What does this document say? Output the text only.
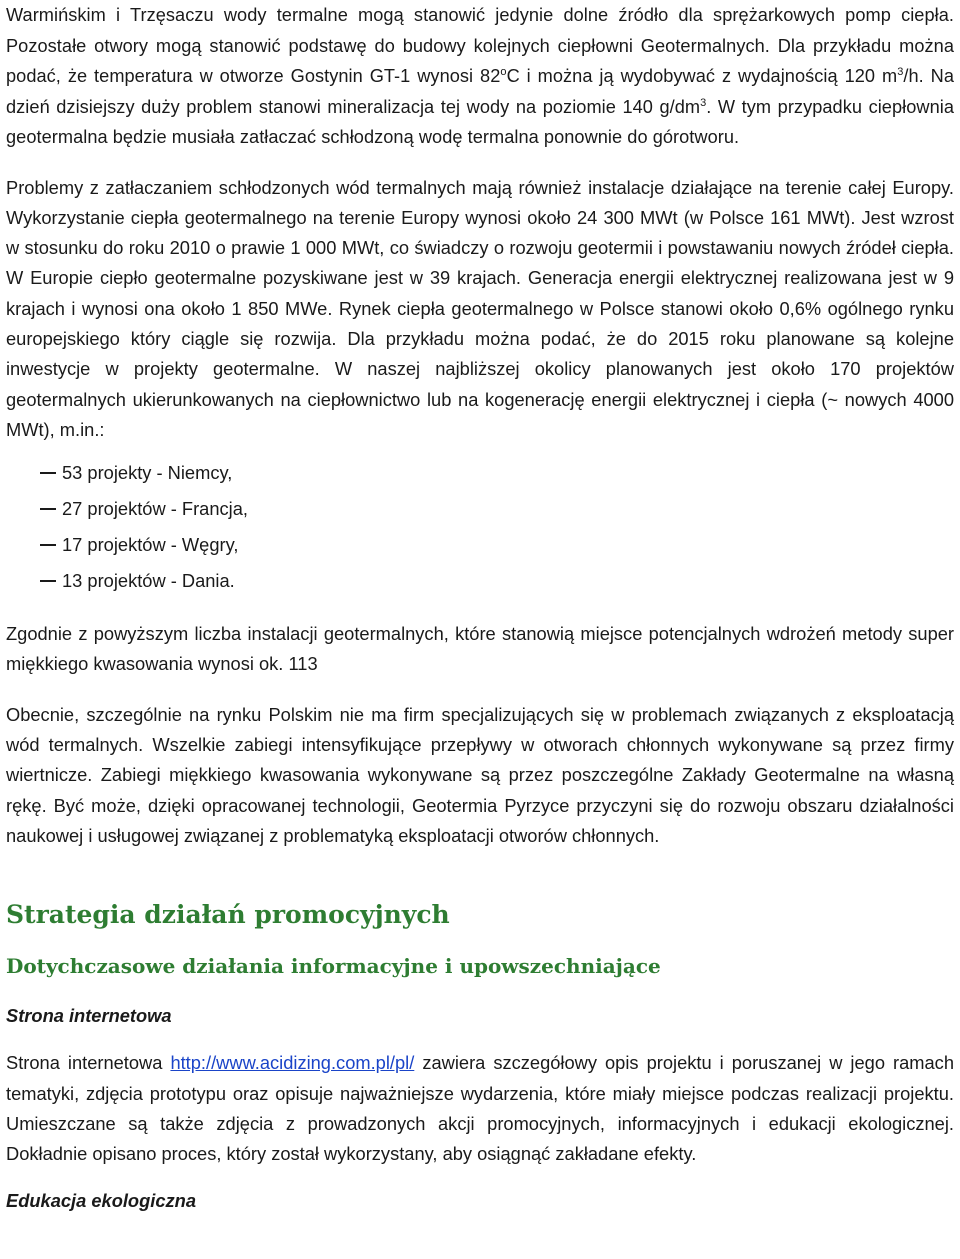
Warmińskim i Trzęsaczu wody termalne mogą stanowić jedynie dolne źródło dla sprężarkowych pomp ciepła. Pozostałe otwory mogą stanowić podstawę do budowy kolejnych ciepłowni Geotermalnych. Dla przykładu można podać, że temperatura w otworze Gostynin GT-1 wynosi 82$^o$C i można ją wydobywać z wydajnością 120 $m^3/h$. Na dzień dzisiejszy duży problem stanowi mineralizacja tej wody na poziomie 140 $g/dm^3$. W tym przypadku ciepłownia geotermalna będzie musiała zatłaczać schłodzoną wodę termalna ponownie do górotworu.

Problemy z zatłaczaniem schłodzonych wód termalnych mają również instalacje działające na terenie całej Europy. Wykorzystanie ciepła geotermalnego na terenie Europy wynosi około 24 300 MWt (w Polsce 161 MWt). Jest wzrost w stosunku do roku 2010 o prawie 1 000 MWt, co świadczy o rozwoju geotermii i powstawaniu nowych źródeł ciepła. W Europie ciepło geotermalne pozyskiwane jest w 39 krajach. Generacja energii elektrycznej realizowana jest w 9 krajach i wynosi ona około 1 850 MWe. Rynek ciepła geotermalnego w Polsce stanowi około 0,6% ogólnego rynku europejskiego który ciągle się rozwija. Dla przykładu można podać, że do 2015 roku planowane są kolejne inwestycje w projekty geotermalne. W naszej najbliższej okolicy planowanych jest około 170 projektów geotermalnych ukierunkowanych na ciepłownictwo lub na kogenerację energii elektrycznej i ciepła (~ nowych 4000 MWt), m.in.:

53 projekty - Niemcy,
27 projektów - Francja,
17 projektów - Węgry,
13 projektów - Dania.

Zgodnie z powyższym liczba instalacji geotermalnych, które stanowią miejsce potencjalnych wdrożeń metody super miękkiego kwasowania wynosi ok. 113

Obecnie, szczególnie na rynku Polskim nie ma firm specjalizujących się w problemach związanych z eksploatacją wód termalnych. Wszelkie zabiegi intensyfikujące przepływy w otworach chłonnych wykonywane są przez firmy wiertnicze. Zabiegi miękkiego kwasowania wykonywane są przez poszczególne Zakłady Geotermalne na własną rękę. Być może, dzięki opracowanej technologii, Geotermia Pyrzyce przyczyni się do rozwoju obszaru działalności naukowej i usługowej związanej z problematyką eksploatacji otworów chłonnych.

Strategia działań promocyjnych
Dotychczasowe działania informacyjne i upowszechniające
Strona internetowa

Strona internetowa http://www.acidizing.com.pl/pl/ zawiera szczegółowy opis projektu i poruszanej w jego ramach tematyki, zdjęcia prototypu oraz opisuje najważniejsze wydarzenia, które miały miejsce podczas realizacji projektu. Umieszczane są także zdjęcia z prowadzonych akcji promocyjnych, informacyjnych i edukacji ekologicznej. Dokładnie opisano proces, który został wykorzystany, aby osiągnąć zakładane efekty.

Edukacja ekologiczna
